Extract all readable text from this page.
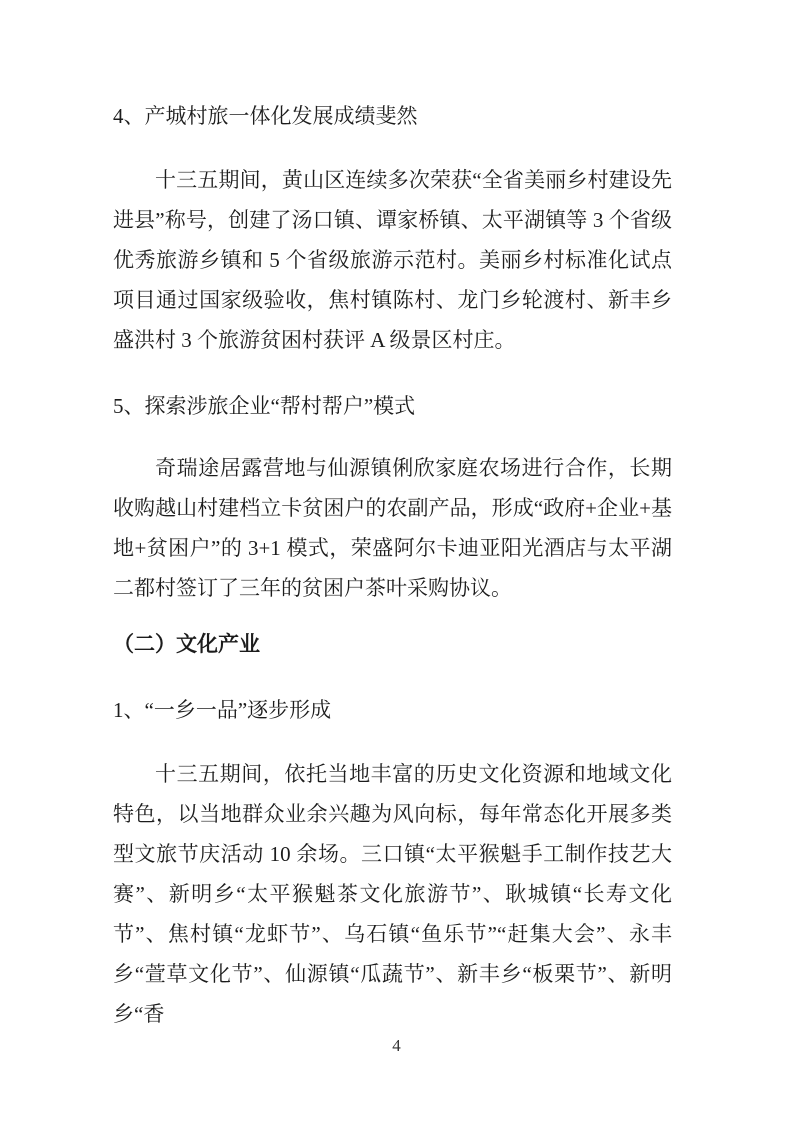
4、产城村旅一体化发展成绩斐然
十三五期间，黄山区连续多次荣获“全省美丽乡村建设先进县”称号，创建了汤口镇、谭家桥镇、太平湖镇等 3 个省级优秀旅游乡镇和 5 个省级旅游示范村。美丽乡村标准化试点项目通过国家级验收，焦村镇陈村、龙门乡轮渡村、新丰乡盛洪村 3 个旅游贫困村获评 A 级景区村庄。
5、探索涉旅企业“帮村帮户”模式
奇瑞途居露营地与仙源镇俐欣家庭农场进行合作，长期收购越山村建档立卡贫困户的农副产品，形成“政府+企业+基地+贫困户”的 3+1 模式，荣盛阿尔卡迪亚阳光酒店与太平湖二都村签订了三年的贫困户茶叶采购协议。
（二）文化产业
1、“一乡一品”逐步形成
十三五期间，依托当地丰富的历史文化资源和地域文化特色，以当地群众业余兴趣为风向标，每年常态化开展多类型文旅节庆活动 10 余场。三口镇“太平猴魁手工制作技艺大赛”、新明乡“太平猴魁茶文化旅游节”、耿城镇“长寿文化节”、焦村镇“龙虾节”、乌石镇“鱼乐节”“赶集大会”、永丰乡“萱草文化节”、仙源镇“瓜蔬节”、新丰乡“板栗节”、新明乡“香
4
